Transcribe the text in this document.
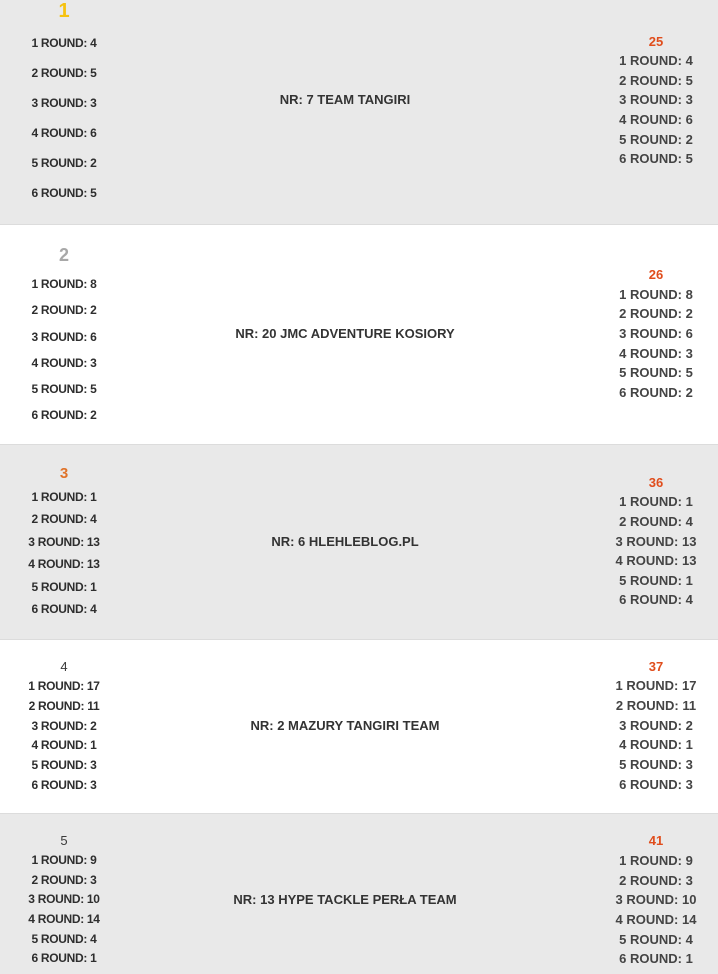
1
1 ROUND: 4
2 ROUND: 5
3 ROUND: 3
4 ROUND: 6
5 ROUND: 2
6 ROUND: 5
NR: 7 TEAM TANGIRI
25
1 ROUND: 4
2 ROUND: 5
3 ROUND: 3
4 ROUND: 6
5 ROUND: 2
6 ROUND: 5
2
1 ROUND: 8
2 ROUND: 2
3 ROUND: 6
4 ROUND: 3
5 ROUND: 5
6 ROUND: 2
NR: 20 JMC ADVENTURE KOSIORY
26
1 ROUND: 8
2 ROUND: 2
3 ROUND: 6
4 ROUND: 3
5 ROUND: 5
6 ROUND: 2
3
1 ROUND: 1
2 ROUND: 4
3 ROUND: 13
4 ROUND: 13
5 ROUND: 1
6 ROUND: 4
NR: 6 HLEHLEBLOG.PL
36
1 ROUND: 1
2 ROUND: 4
3 ROUND: 13
4 ROUND: 13
5 ROUND: 1
6 ROUND: 4
4
1 ROUND: 17
2 ROUND: 11
3 ROUND: 2
4 ROUND: 1
5 ROUND: 3
6 ROUND: 3
NR: 2 MAZURY TANGIRI TEAM
37
1 ROUND: 17
2 ROUND: 11
3 ROUND: 2
4 ROUND: 1
5 ROUND: 3
6 ROUND: 3
5
1 ROUND: 9
2 ROUND: 3
3 ROUND: 10
4 ROUND: 14
5 ROUND: 4
6 ROUND: 1
NR: 13 HYPE TACKLE PERŁA TEAM
41
1 ROUND: 9
2 ROUND: 3
3 ROUND: 10
4 ROUND: 14
5 ROUND: 4
6 ROUND: 1
